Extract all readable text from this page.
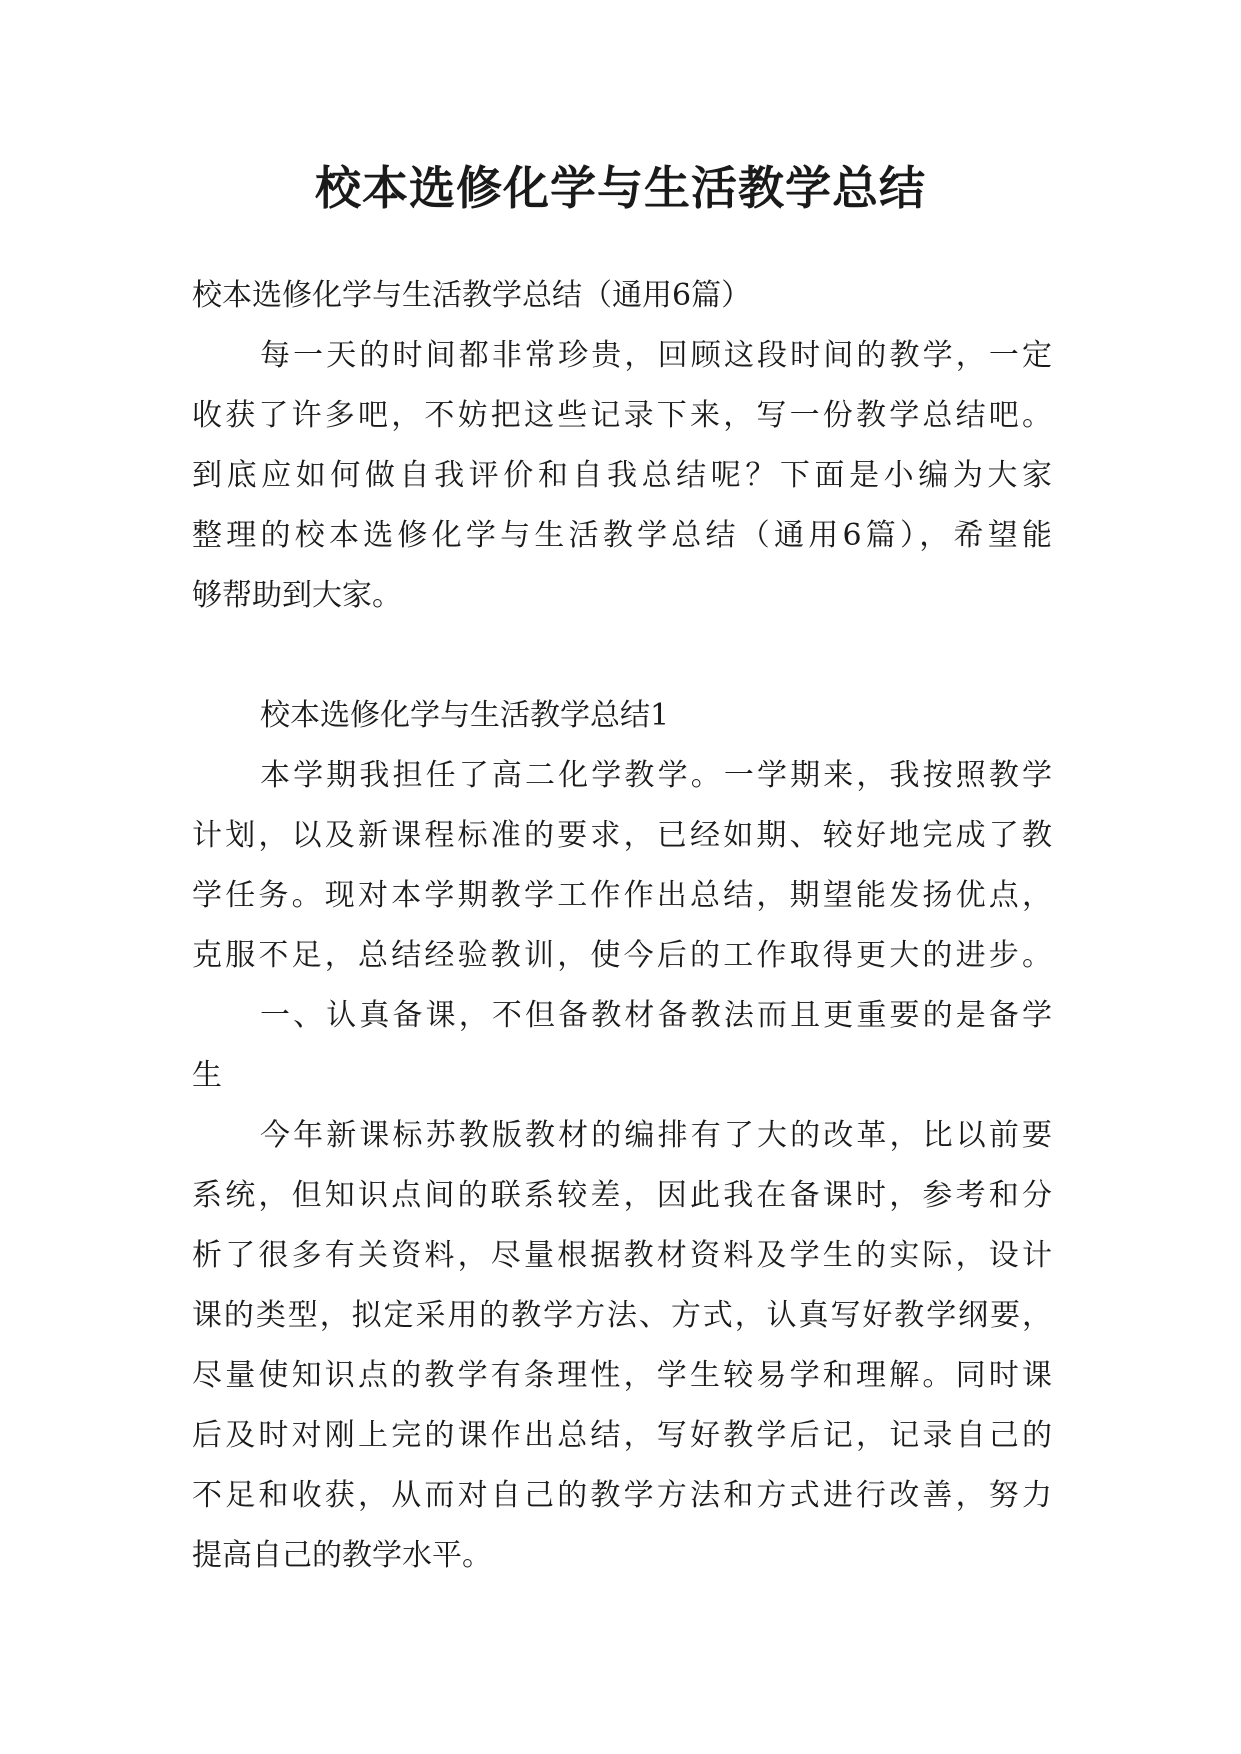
校本选修化学与生活教学总结

校本选修化学与生活教学总结（通用6篇）

每一天的时间都非常珍贵，回顾这段时间的教学，一定

收获了许多吧，不妨把这些记录下来，写一份教学总结吧。

到底应如何做自我评价和自我总结呢？下面是小编为大家

整理的校本选修化学与生活教学总结（通用6篇），希望能

够帮助到大家。

校本选修化学与生活教学总结1

本学期我担任了高二化学教学。一学期来，我按照教学

计划，以及新课程标准的要求，已经如期、较好地完成了教

学任务。现对本学期教学工作作出总结，期望能发扬优点，

克服不足，总结经验教训，使今后的工作取得更大的进步。

一、认真备课，不但备教材备教法而且更重要的是备学

生

今年新课标苏教版教材的编排有了大的改革，比以前要

系统，但知识点间的联系较差，因此我在备课时，参考和分

析了很多有关资料，尽量根据教材资料及学生的实际，设计

课的类型，拟定采用的教学方法、方式，认真写好教学纲要，

尽量使知识点的教学有条理性，学生较易学和理解。同时课

后及时对刚上完的课作出总结，写好教学后记，记录自己的

不足和收获，从而对自己的教学方法和方式进行改善，努力

提高自己的教学水平。
